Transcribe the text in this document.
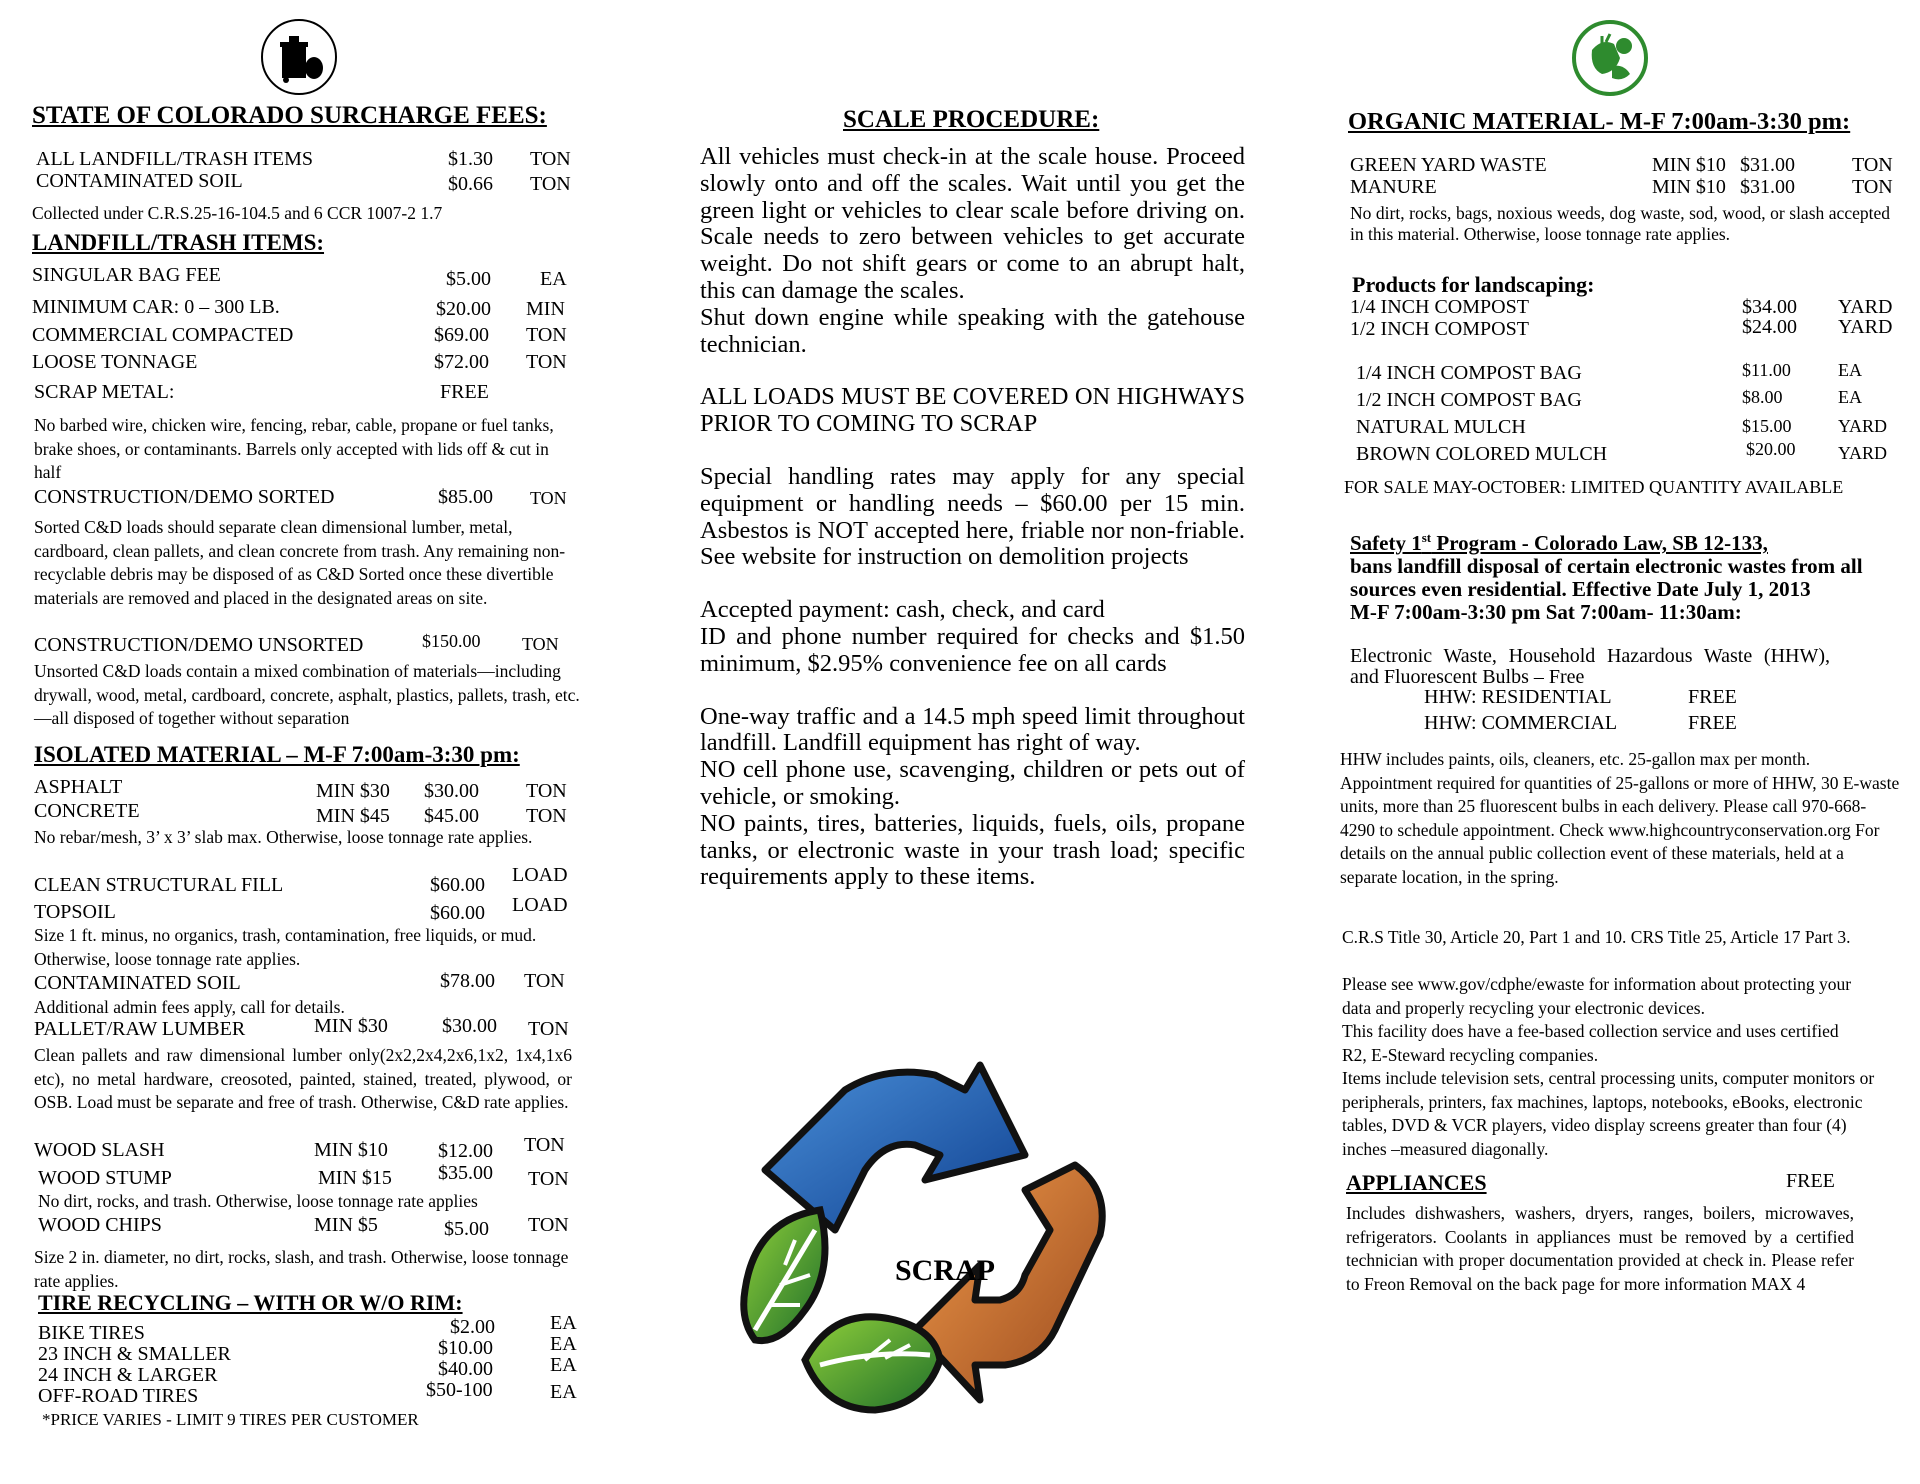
STATE OF COLORADO SURCHARGE FEES:
ALL LANDFILL/TRASH ITEMS	$1.30 TON
CONTAMINATED SOIL	$0.66 TON

Collected under C.R.S.25-16-104.5 and 6 CCR 1007-2 1.7

LANDFILL/TRASH ITEMS:
SINGULAR BAG FEE	$5.00 EA
MINIMUM CAR: 0 – 300 LB.	$20.00 MIN
COMMERCIAL COMPACTED	$69.00 TON
LOOSE TONNAGE	$72.00 TON
SCRAP METAL:	FREE

No barbed wire, chicken wire, fencing, rebar, cable, propane or fuel tanks, brake shoes, or contaminants. Barrels only accepted with lids off & cut in half

CONSTRUCTION/DEMO SORTED	$85.00 TON

Sorted C&D loads should separate clean dimensional lumber, metal, cardboard, clean pallets, and clean concrete from trash. Any remaining non-recyclable debris may be disposed of as C&D Sorted once these divertible materials are removed and placed in the designated areas on site.

CONSTRUCTION/DEMO UNSORTED	$150.00 TON

Unsorted C&D loads contain a mixed combination of materials—including drywall, wood, metal, cardboard, concrete, asphalt, plastics, pallets, trash, etc.—all disposed of together without separation

ISOLATED MATERIAL – M-F 7:00am-3:30 pm:
ASPHALT	MIN $30 $30.00 TON
CONCRETE	MIN $45 $45.00 TON

No rebar/mesh, 3’ x 3’ slab max. Otherwise, loose tonnage rate applies.

CLEAN STRUCTURAL FILL	$60.00 LOAD
TOPSOIL	$60.00 LOAD

Size 1 ft. minus, no organics, trash, contamination, free liquids, or mud. Otherwise, loose tonnage rate applies.

CONTAMINATED SOIL	$78.00 TON

Additional admin fees apply, call for details.

PALLET/RAW LUMBER	MIN $30	$30.00 TON

Clean pallets and raw dimensional lumber only(2x2,2x4,2x6,1x2, 1x4,1x6 etc), no metal hardware, creosoted, painted, stained, treated, plywood, or OSB. Load must be separate and free of trash. Otherwise, C&D rate applies.

WOOD SLASH	MIN $10	$12.00 TON
WOOD STUMP	MIN $15 $35.00 TON

No dirt, rocks, and trash. Otherwise, loose tonnage rate applies

WOOD CHIPS	MIN $5	$5.00 TON

Size 2 in. diameter, no dirt, rocks, slash, and trash. Otherwise, loose tonnage rate applies.

TIRE RECYCLING – WITH OR W/O RIM:
BIKE TIRES	$2.00	EA
23 INCH & SMALLER	$10.00	EA
24 INCH & LARGER	$40.00	EA
OFF-ROAD TIRES	$50-100	EA

*PRICE VARIES - LIMIT 9 TIRES PER CUSTOMER

SCALE PROCEDURE:

All vehicles must check-in at the scale house. Proceed slowly onto and off the scales. Wait until you get the green light or vehicles to clear scale before driving on. Scale needs to zero between vehicles to get accurate weight. Do not shift gears or come to an abrupt halt, this can damage the scales.

Shut down engine while speaking with the gatehouse technician.

ALL LOADS MUST BE COVERED ON HIGHWAYS PRIOR TO COMING TO SCRAP

Special handling rates may apply for any special equipment or handling needs – $60.00 per 15 min. Asbestos is NOT accepted here, friable nor non-friable. See website for instruction on demolition projects

Accepted payment: cash, check, and card

ID and phone number required for checks and $1.50 minimum, $2.95% convenience fee on all cards

One-way traffic and a 14.5 mph speed limit throughout landfill. Landfill equipment has right of way.

NO cell phone use, scavenging, children or pets out of vehicle, or smoking.

NO paints, tires, batteries, liquids, fuels, oils, propane tanks, or electronic waste in your trash load; specific requirements apply to these items.

SCRAP
ORGANIC MATERIAL- M-F 7:00am-3:30 pm:
GREEN YARD WASTE	MIN $10 $31.00	TON
MANURE	MIN $10 $31.00	TON

No dirt, rocks, bags, noxious weeds, dog waste, sod, wood, or slash accepted in this material. Otherwise, loose tonnage rate applies.

Products for landscaping:
1/4 INCH COMPOST	$34.00 YARD
1/2 INCH COMPOST	$24.00 YARD
1/4 INCH COMPOST BAG	$11.00	EA
1/2 INCH COMPOST BAG	$8.00	EA
NATURAL MULCH	$15.00	YARD
BROWN COLORED MULCH	$20.00 YARD

FOR SALE MAY-OCTOBER: LIMITED QUANTITY AVAILABLE

Safety 1st Program - Colorado Law, SB 12-133,
bans landfill disposal of certain electronic wastes from all sources even residential. Effective Date July 1, 2013
M-F 7:00am-3:30 pm Sat 7:00am- 11:30am:

Electronic Waste, Household Hazardous Waste (HHW), and Fluorescent Bulbs – Free

HHW: RESIDENTIAL	FREE
HHW: COMMERCIAL	FREE

HHW includes paints, oils, cleaners, etc. 25-gallon max per month. Appointment required for quantities of 25-gallons or more of HHW, 30 E-waste units, more than 25 fluorescent bulbs in each delivery. Please call 970-668-4290 to schedule appointment. Check www.highcountryconservation.org For details on the annual public collection event of these materials, held at a separate location, in the spring.

C.R.S Title 30, Article 20, Part 1 and 10. CRS Title 25, Article 17 Part 3.

Please see www.gov/cdphe/ewaste for information about protecting your data and properly recycling your electronic devices.

This facility does have a fee-based collection service and uses certified R2, E-Steward recycling companies.

Items include television sets, central processing units, computer monitors or peripherals, printers, fax machines, laptops, notebooks, eBooks, electronic tables, DVD & VCR players, video display screens greater than four (4) inches –measured diagonally.

APPLIANCES	FREE

Includes dishwashers, washers, dryers, ranges, boilers, microwaves, refrigerators. Coolants in appliances must be removed by a certified technician with proper documentation provided at check in. Please refer to Freon Removal on the back page for more information MAX 4
